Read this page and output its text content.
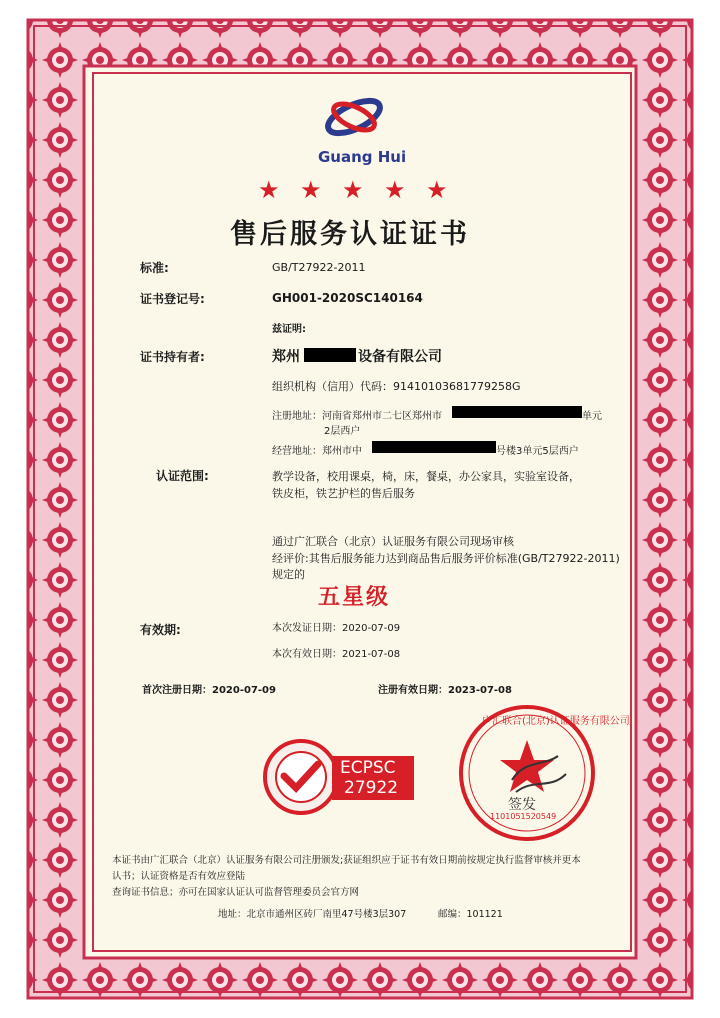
Guang Hui
★ ★ ★ ★ ★
售后服务认证证书
标准:	GB/T27922-2011
证书登记号:	GH001-2020SC140164
兹证明:
证书持有者:	郑州	设备有限公司
组织机构（信用）代码：91410103681779258G
注册地址：河南省郑州市二七区郑州市	单元
2层西户
经营地址：郑州市中	号楼3单元5层西户
认证范围:	教学设备，校用课桌，椅，床，餐桌，办公家具，实验室设备，
铁皮柜，铁艺护栏的售后服务
通过广汇联合（北京）认证服务有限公司现场审核
经评价:其售后服务能力达到商品售后服务评价标准(GB/T27922-2011)
规定的
五星级
有效期:	本次发证日期：2020-07-09
本次有效日期：2021-07-08
首次注册日期：2020-07-09	注册有效日期：2023-07-08
ECPSC
27922
广汇联合(北京)认证服务有限公司
1101051520549
签发
本证书由广汇联合（北京）认证服务有限公司注册颁发;获证组织应于证书有效日期前按规定执行监督审核并更本
认书；认证资格是否有效应登陆
查询证书信息；亦可在国家认证认可监督管理委员会官方网
地址：北京市通州区砖厂南里47号楼3层307	邮编：101121
